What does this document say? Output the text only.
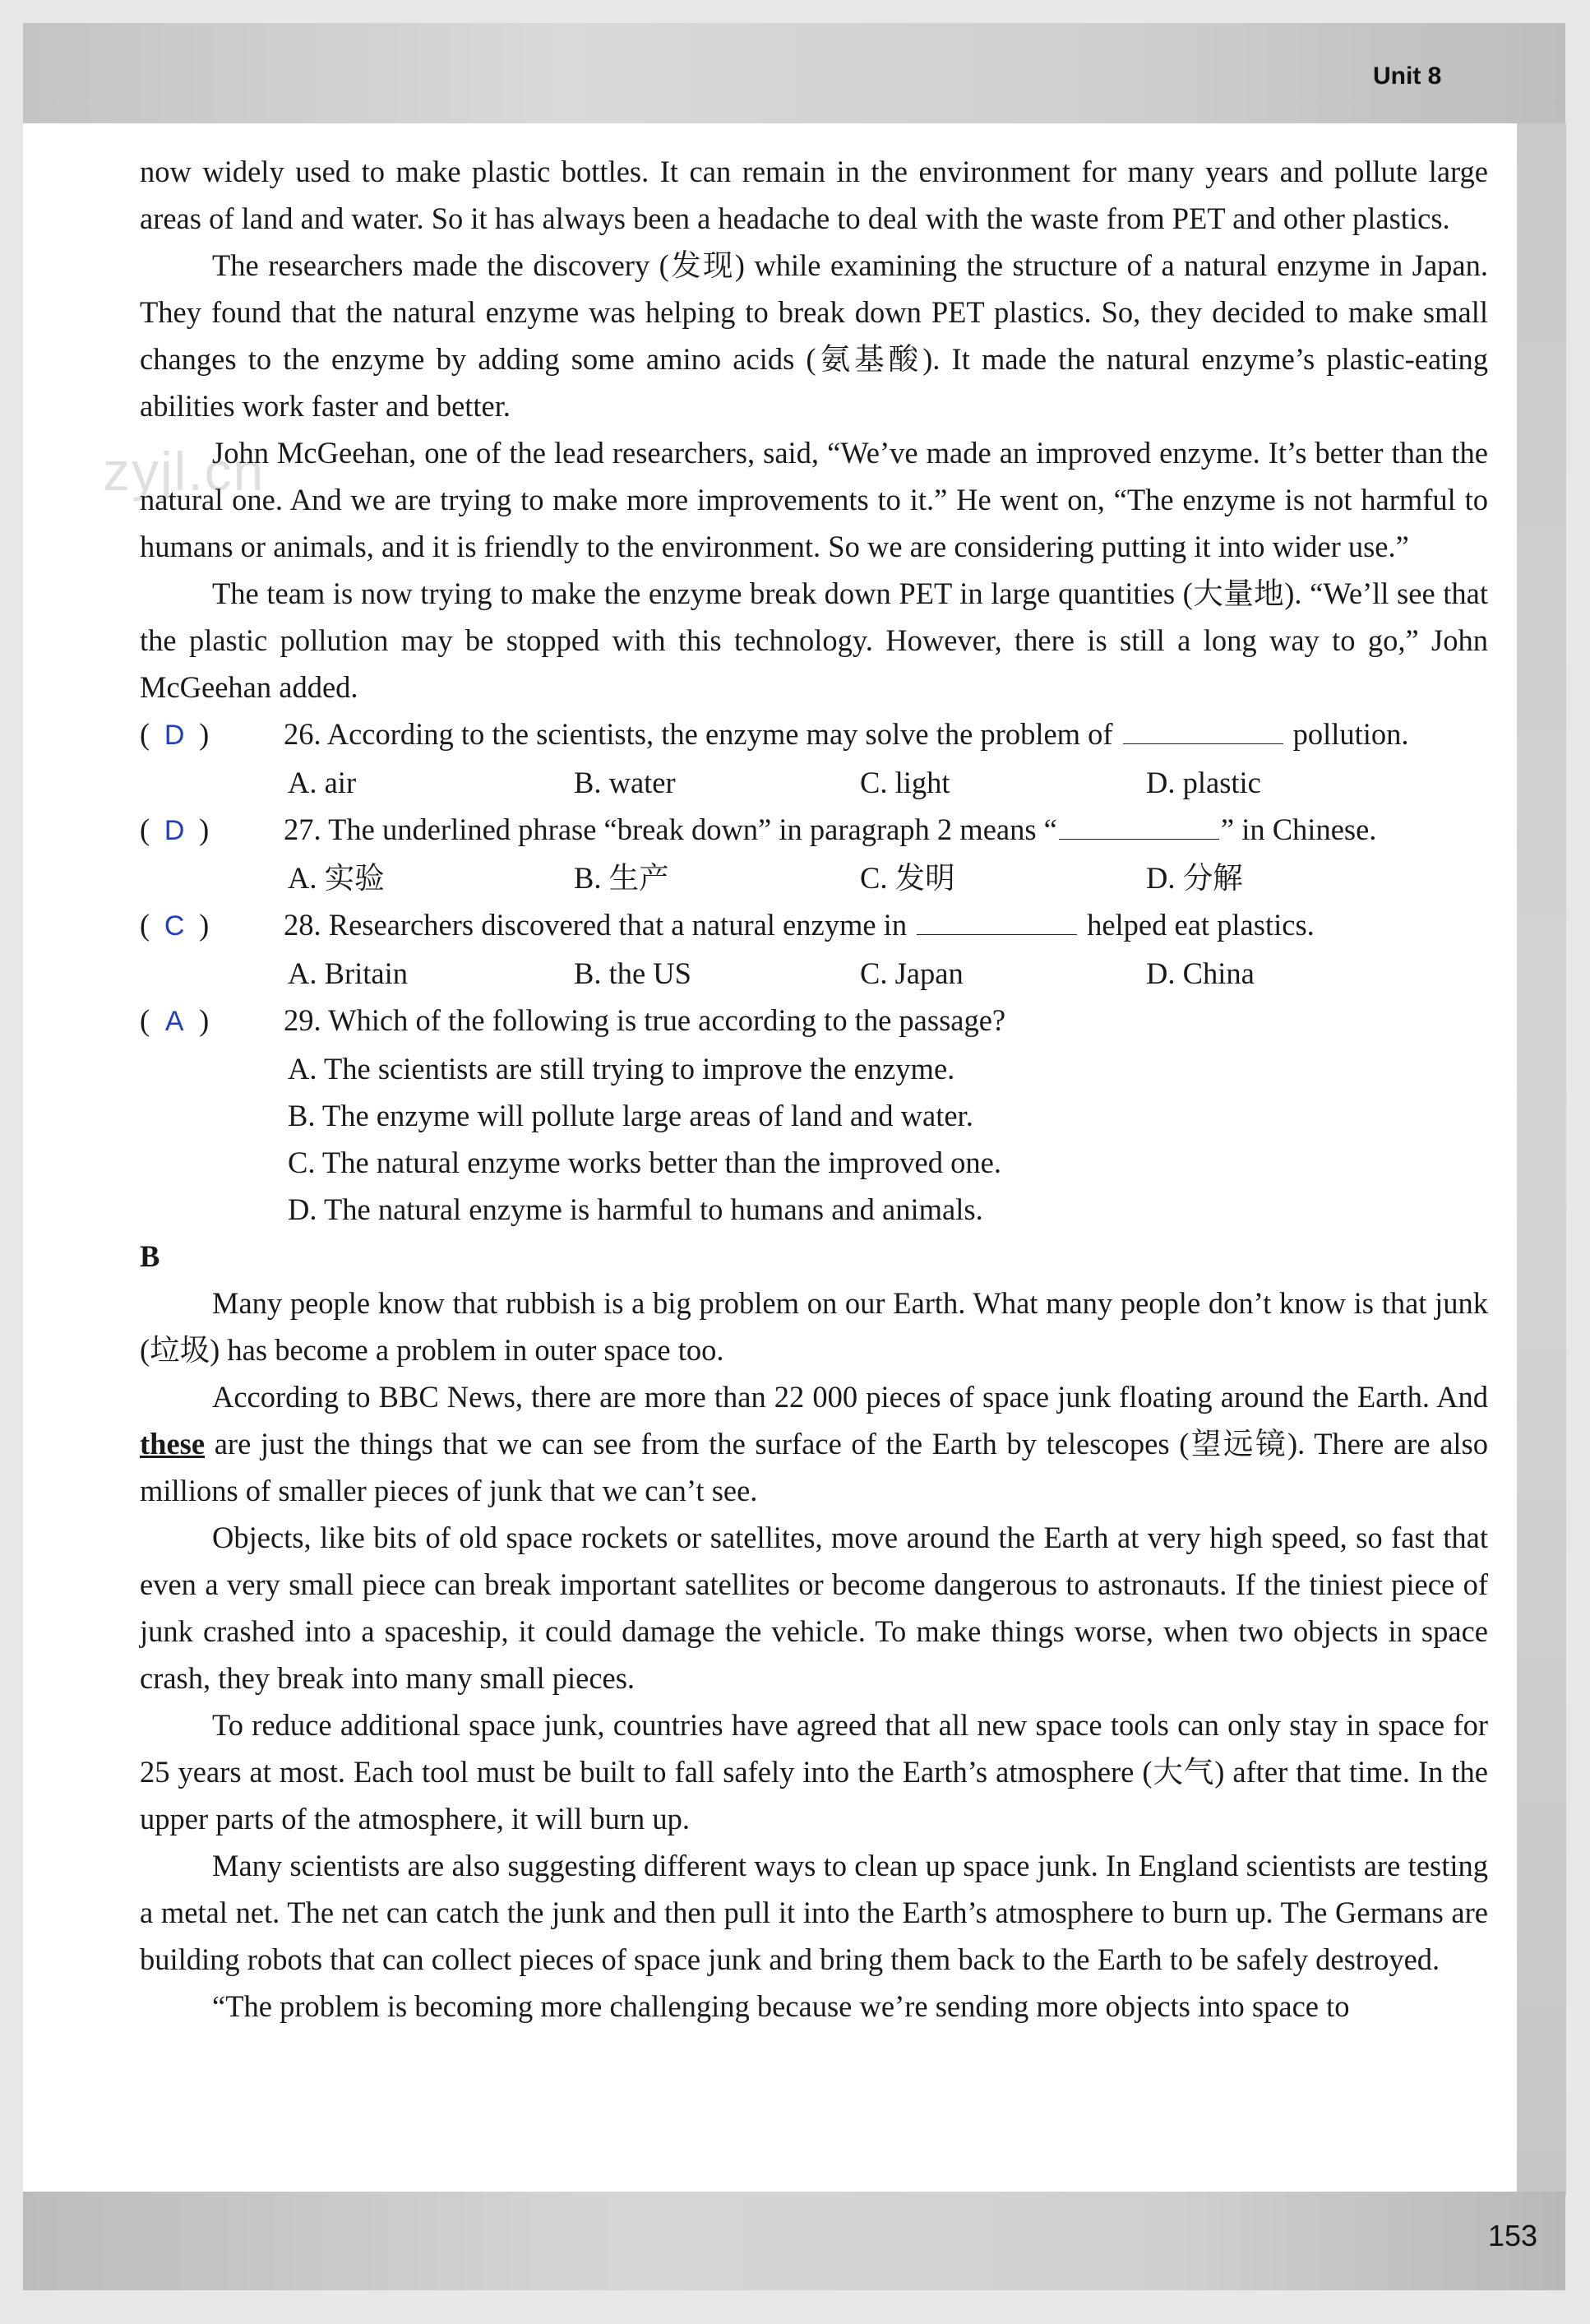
Unit 8
zyjl.cn

now widely used to make plastic bottles. It can remain in the environment for many years and pollute large areas of land and water. So it has always been a headache to deal with the waste from PET and other plastics.

The researchers made the discovery (发现) while examining the structure of a natural enzyme in Japan. They found that the natural enzyme was helping to break down PET plastics. So, they decided to make small changes to the enzyme by adding some amino acids (氨基酸). It made the natural enzyme’s plastic-eating abilities work faster and better.

John McGeehan, one of the lead researchers, said, “We’ve made an improved enzyme. It’s better than the natural one. And we are trying to make more improvements to it.” He went on, “The enzyme is not harmful to humans or animals, and it is friendly to the environment. So we are considering putting it into wider use.”

The team is now trying to make the enzyme break down PET in large quantities (大量地). “We’ll see that the plastic pollution may be stopped with this technology. However, there is still a long way to go,” John McGeehan added.

( D )	26. According to the scientists, the enzyme may solve the problem of	pollution.
A. air	B. water	C. light	D. plastic
( D )	27. The underlined phrase “break down” in paragraph 2 means “	” in Chinese.
A. 实验	B. 生产	C. 发明	D. 分解
( C )	28. Researchers discovered that a natural enzyme in	helped eat plastics.
A. Britain	B. the US	C. Japan	D. China
( A )	29. Which of the following is true according to the passage?
A. The scientists are still trying to improve the enzyme.
B. The enzyme will pollute large areas of land and water.
C. The natural enzyme works better than the improved one.
D. The natural enzyme is harmful to humans and animals.

B

Many people know that rubbish is a big problem on our Earth. What many people don’t know is that junk (垃圾) has become a problem in outer space too.

According to BBC News, there are more than 22 000 pieces of space junk floating around the Earth. And these are just the things that we can see from the surface of the Earth by telescopes (望远镜). There are also millions of smaller pieces of junk that we can’t see.

Objects, like bits of old space rockets or satellites, move around the Earth at very high speed, so fast that even a very small piece can break important satellites or become dangerous to astronauts. If the tiniest piece of junk crashed into a spaceship, it could damage the vehicle. To make things worse, when two objects in space crash, they break into many small pieces.

To reduce additional space junk, countries have agreed that all new space tools can only stay in space for 25 years at most. Each tool must be built to fall safely into the Earth’s atmosphere (大气) after that time. In the upper parts of the atmosphere, it will burn up.

Many scientists are also suggesting different ways to clean up space junk. In England scientists are testing a metal net. The net can catch the junk and then pull it into the Earth’s atmosphere to burn up. The Germans are building robots that can collect pieces of space junk and bring them back to the Earth to be safely destroyed.

“The problem is becoming more challenging because we’re sending more objects into space to

153
